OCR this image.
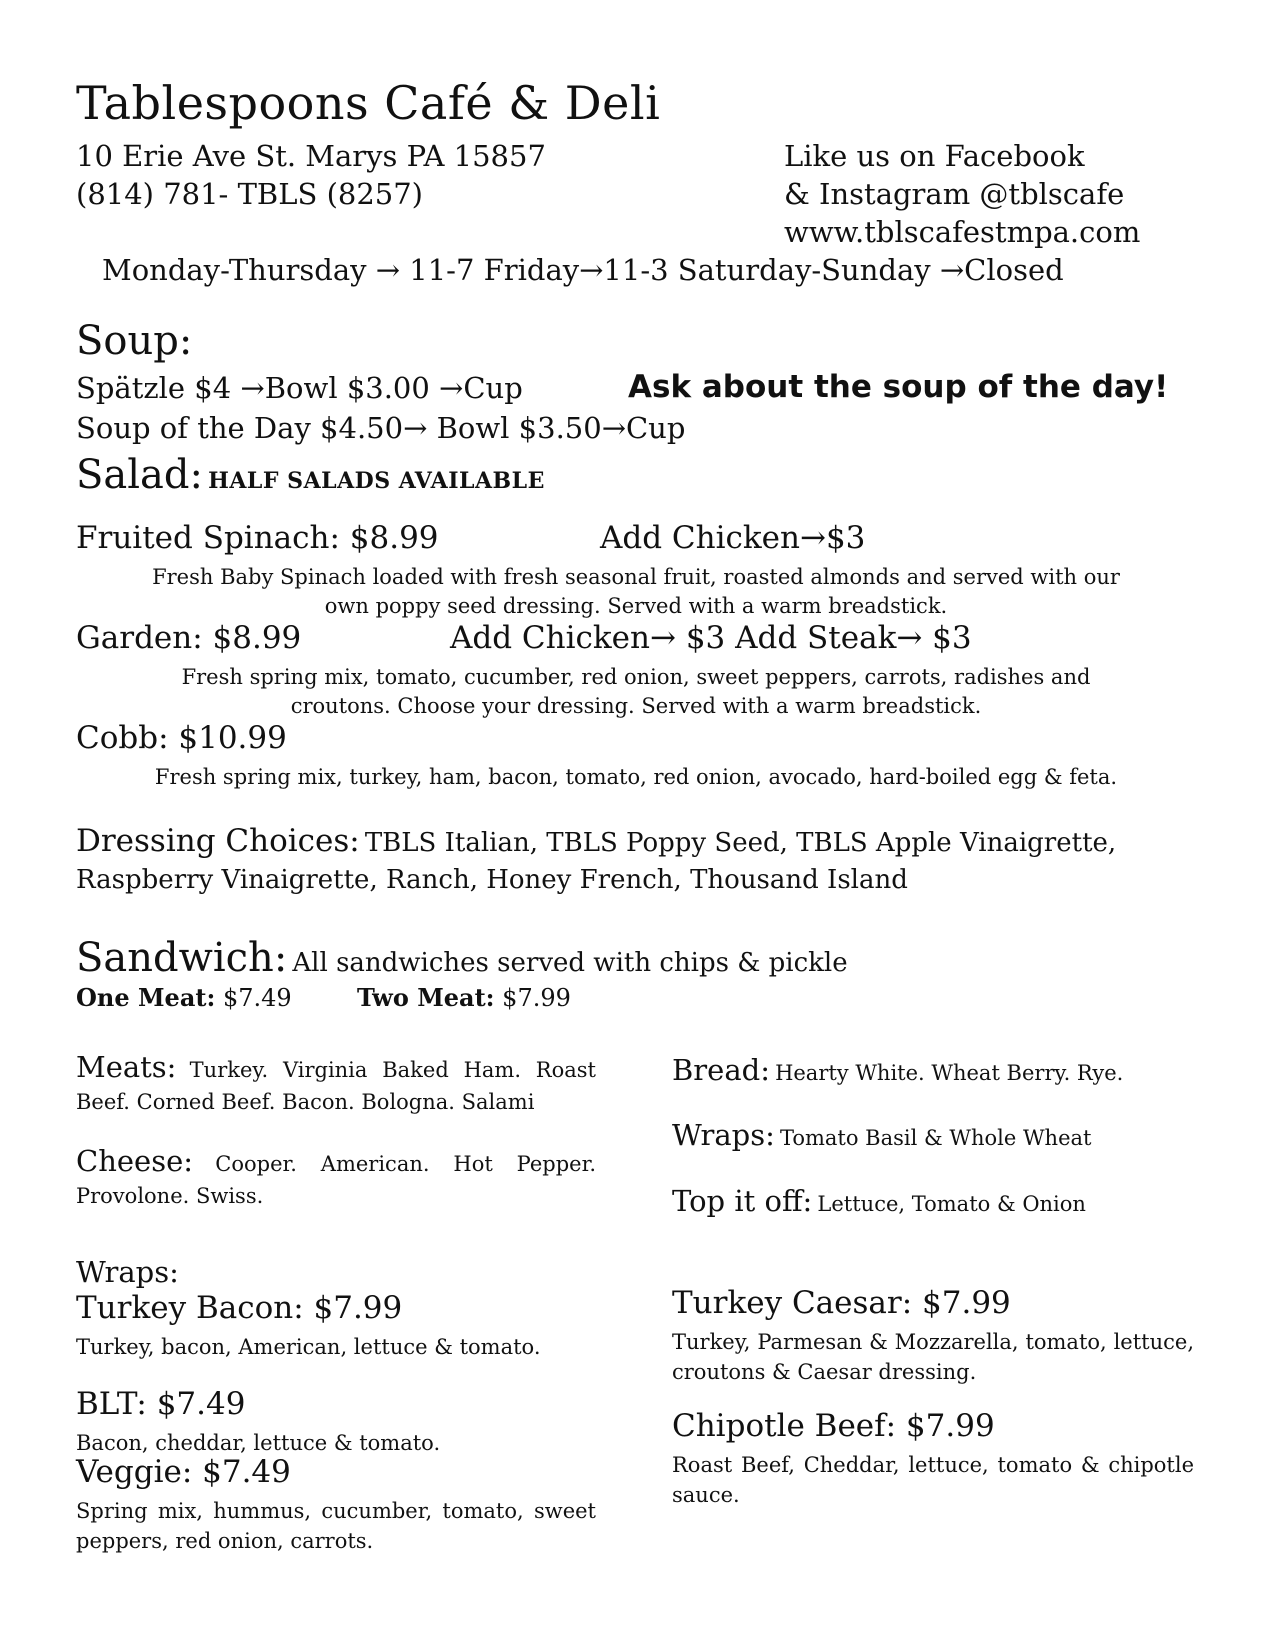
Tablespoons Café & Deli
10 Erie Ave St. Marys PA 15857
(814) 781- TBLS (8257)
Like us on Facebook
& Instagram @tblscafe
www.tblscafestmpa.com
Monday-Thursday → 11-7 Friday→11-3 Saturday-Sunday →Closed
Soup:
Spätzle $4 →Bowl $3.00 →Cup	Ask about the soup of the day!
Soup of the Day $4.50→ Bowl $3.50→Cup
Salad: HALF SALADS AVAILABLE
Fruited Spinach: $8.99	Add Chicken→$3
Fresh Baby Spinach loaded with fresh seasonal fruit, roasted almonds and served with our
own poppy seed dressing. Served with a warm breadstick.
Garden: $8.99	Add Chicken→ $3 Add Steak→ $3
Fresh spring mix, tomato, cucumber, red onion, sweet peppers, carrots, radishes and
croutons. Choose your dressing. Served with a warm breadstick.
Cobb: $10.99
Fresh spring mix, turkey, ham, bacon, tomato, red onion, avocado, hard-boiled egg & feta.
Dressing Choices: TBLS Italian, TBLS Poppy Seed, TBLS Apple Vinaigrette,
Raspberry Vinaigrette, Ranch, Honey French, Thousand Island
Sandwich: All sandwiches served with chips & pickle
One Meat: $7.49	Two Meat: $7.99
Meats: Turkey. Virginia Baked Ham. Roast Beef. Corned Beef. Bacon. Bologna. Salami
Cheese: Cooper. American. Hot Pepper. Provolone. Swiss.
Bread: Hearty White. Wheat Berry. Rye.
Wraps: Tomato Basil & Whole Wheat
Top it off: Lettuce, Tomato & Onion
Wraps:
Turkey Bacon: $7.99
Turkey, bacon, American, lettuce & tomato.
BLT: $7.49
Bacon, cheddar, lettuce & tomato.
Veggie: $7.49
Spring mix, hummus, cucumber, tomato, sweet peppers, red onion, carrots.
Turkey Caesar: $7.99
Turkey, Parmesan & Mozzarella, tomato, lettuce, croutons & Caesar dressing.
Chipotle Beef: $7.99
Roast Beef, Cheddar, lettuce, tomato & chipotle sauce.
